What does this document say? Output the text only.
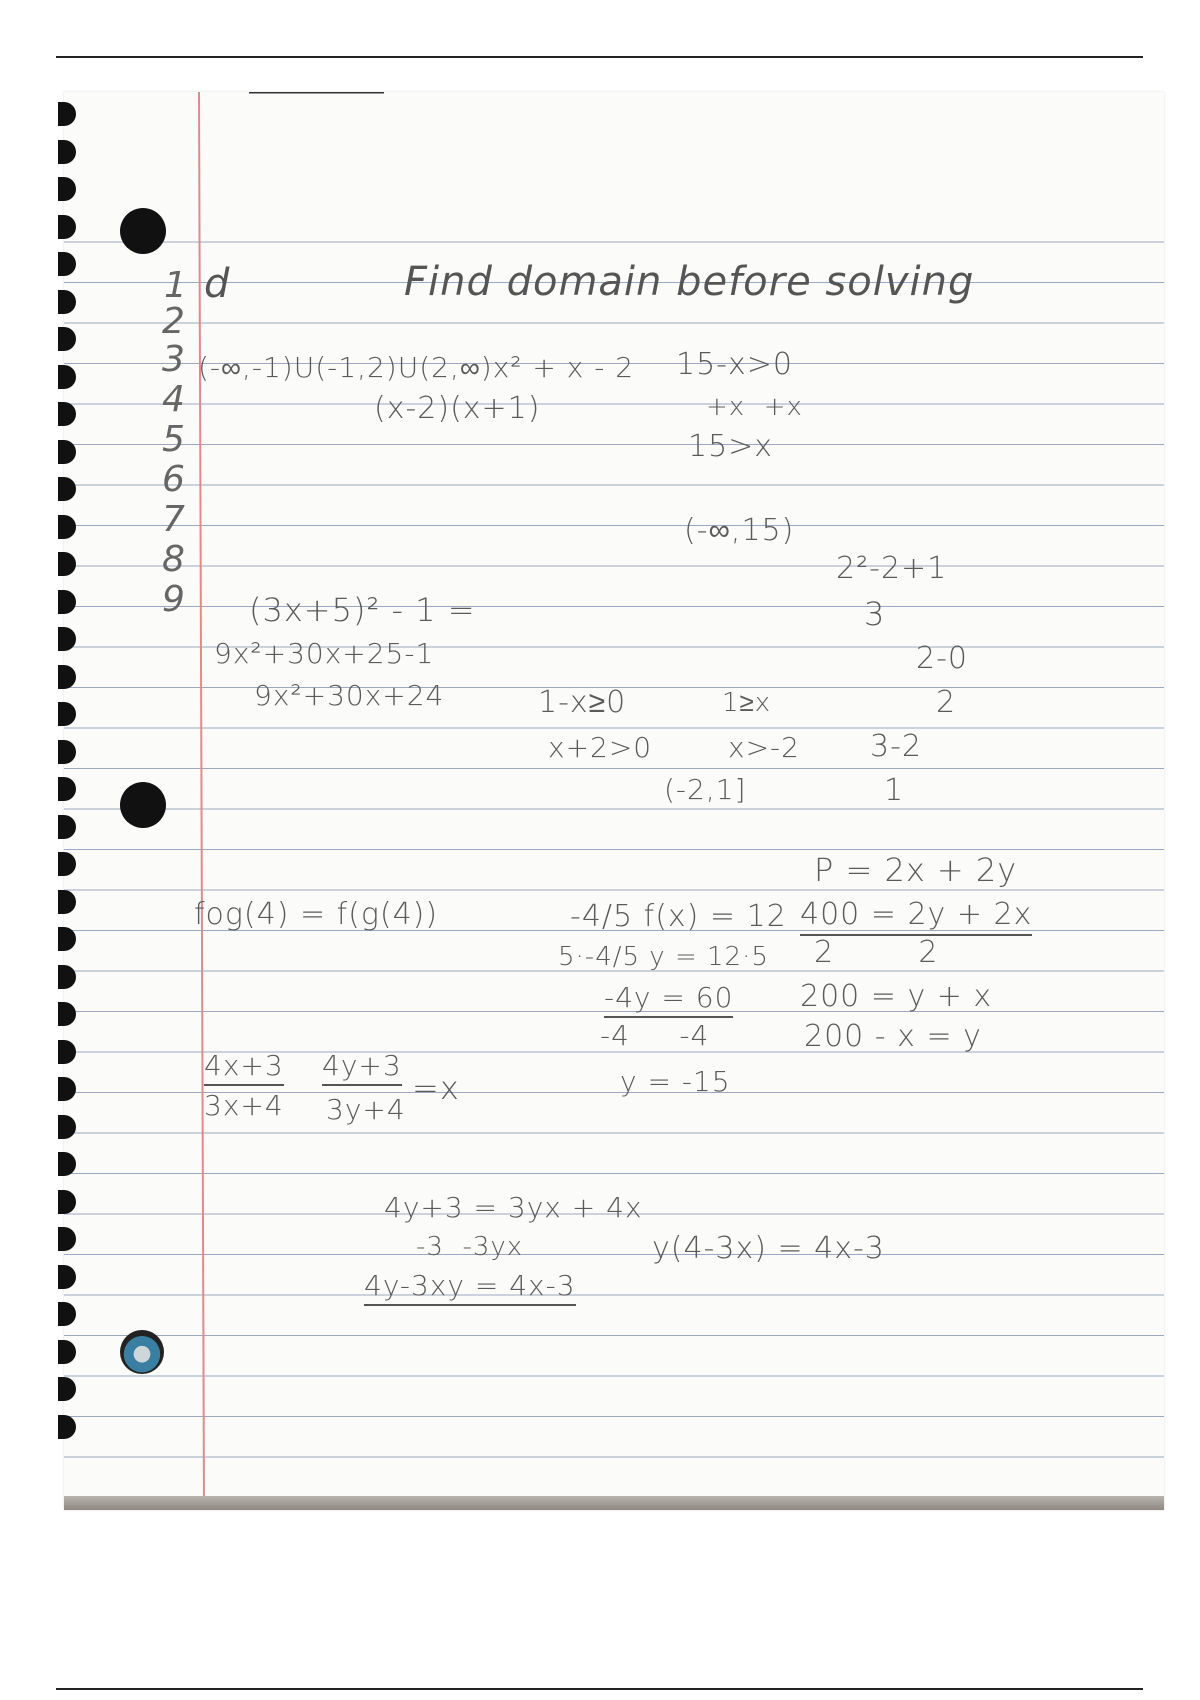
1
2
3
4
5
6
7
8
9
d	Find domain before solving
(-∞,-1)U(-1,2)U(2,∞)x² + x - 2
(x-2)(x+1)
(3x+5)² - 1 =
9x²+30x+25-1
9x²+30x+24
fog(4) = f(g(4))
4x+3
3x+4
4y+3
3y+4
=x
4y+3 = 3yx + 4x
-3  -3yx
4y-3xy = 4x-3
15-x>0
+x  +x
15>x
(-∞,15)
1-x≥0	1≥x
x+2>0	x>-2
(-2,1]
-4/5 f(x) = 12
5·-4/5 y = 12·5
-4y = 60
-4     -4
y = -15
y(4-3x) = 4x-3
2²-2+1
3
2-0
2
3-2
1
P = 2x + 2y
400 = 2y + 2x
2        2
200 = y + x
200 - x = y
